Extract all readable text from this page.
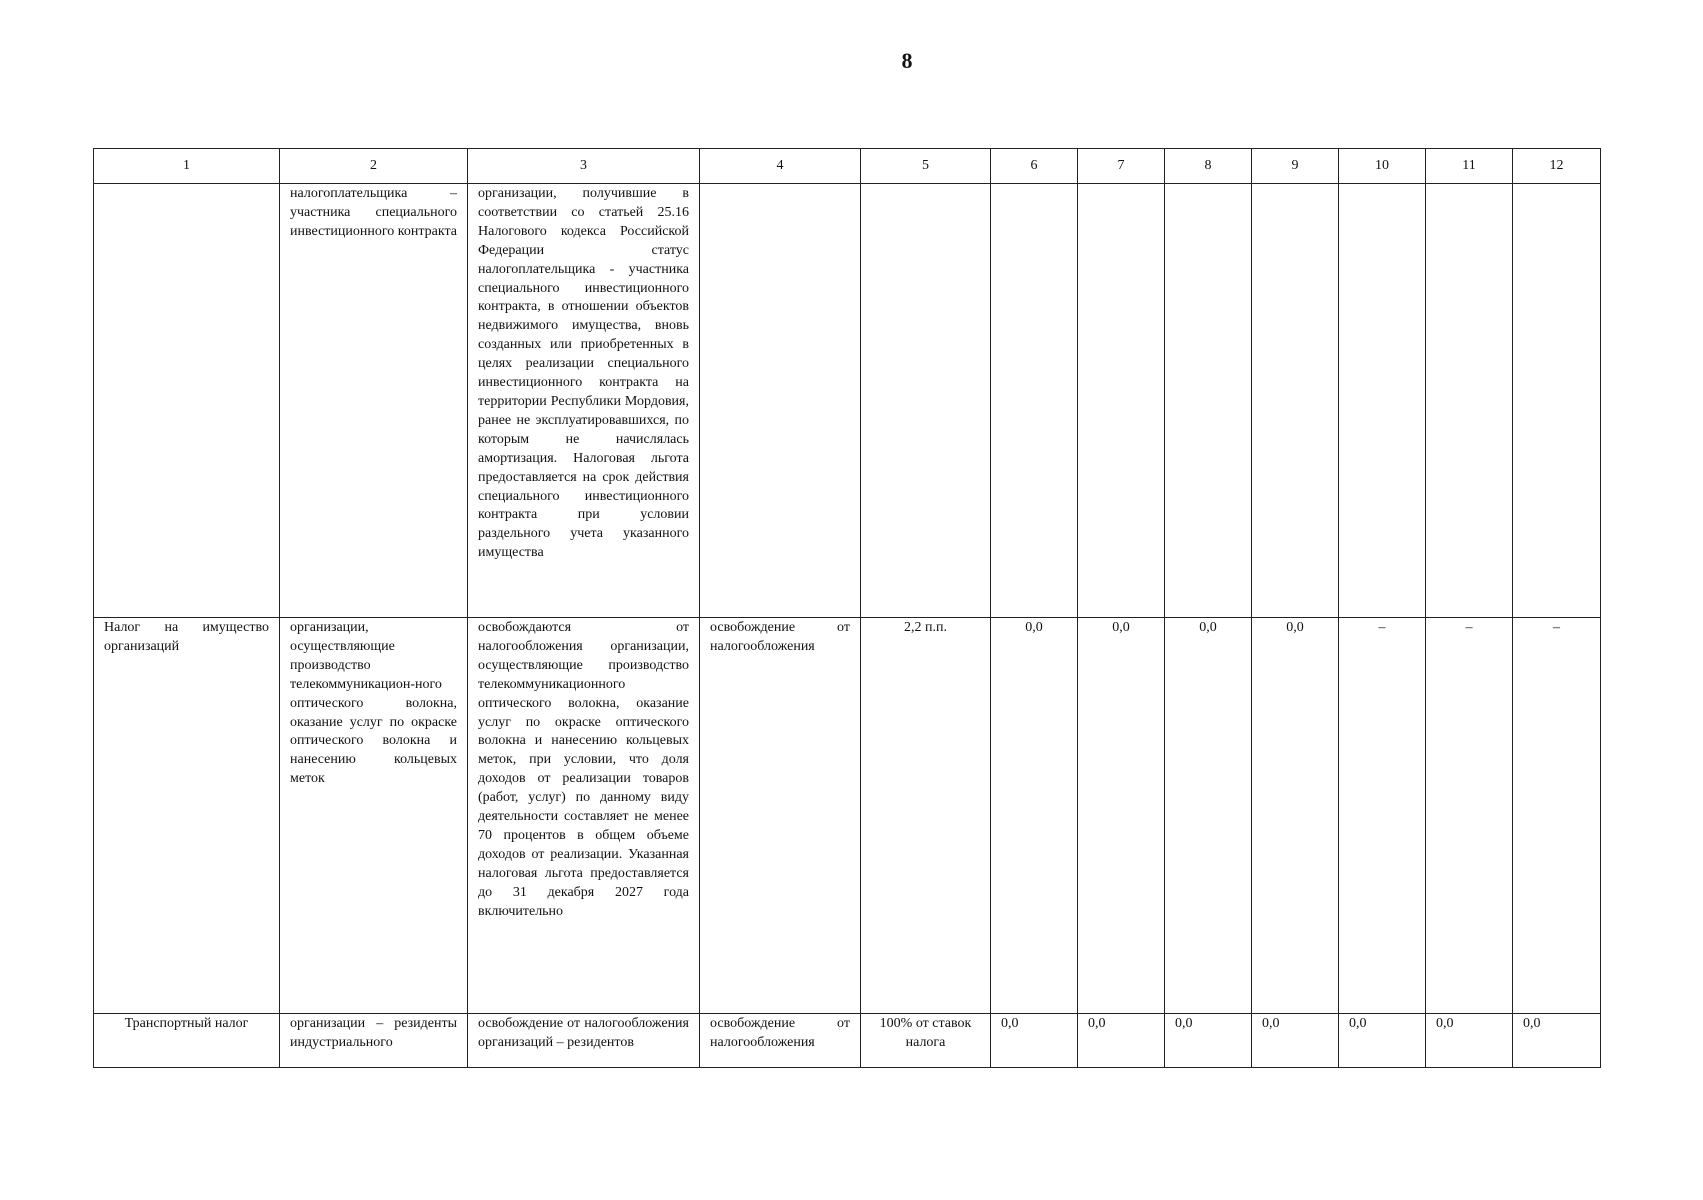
8
1	2	3	4	5	6	7	8	9	10	11	12
	налогоплательщика – участника специального инвестиционного контракта	организации, получившие в соответствии со статьей 25.16 Налогового кодекса Российской Федерации статус налогоплательщика - участника специального инвестиционного контракта, в отношении объектов недвижимого имущества, вновь созданных или приобретенных в целях реализации специального инвестиционного контракта на территории Республики Мордовия, ранее не эксплуатировавшихся, по которым не начислялась амортизация. Налоговая льгота предоставляется на срок действия специального инвестиционного контракта при условии раздельного учета указанного имущества									
Налог на имущество организаций	организации, осуществляющие производство телекоммуникацион-ного оптического волокна, оказание услуг по окраске оптического волокна и нанесению кольцевых меток	освобождаются от налогообложения организации, осуществляющие производство телекоммуникационного оптического волокна, оказание услуг по окраске оптического волокна и нанесению кольцевых меток, при условии, что доля доходов от реализации товаров (работ, услуг) по данному виду деятельности составляет не менее 70 процентов в общем объеме доходов от реализации. Указанная налоговая льгота предоставляется до 31 декабря 2027 года включительно	освобождение от налогообложения	2,2 п.п.	0,0	0,0	0,0	0,0	–	–	–
Транспортный налог	организации – резиденты индустриального	освобождение от налогообложения организаций – резидентов	освобождение от налогообложения	100% от ставок налога	0,0	0,0	0,0	0,0	0,0	0,0	0,0
